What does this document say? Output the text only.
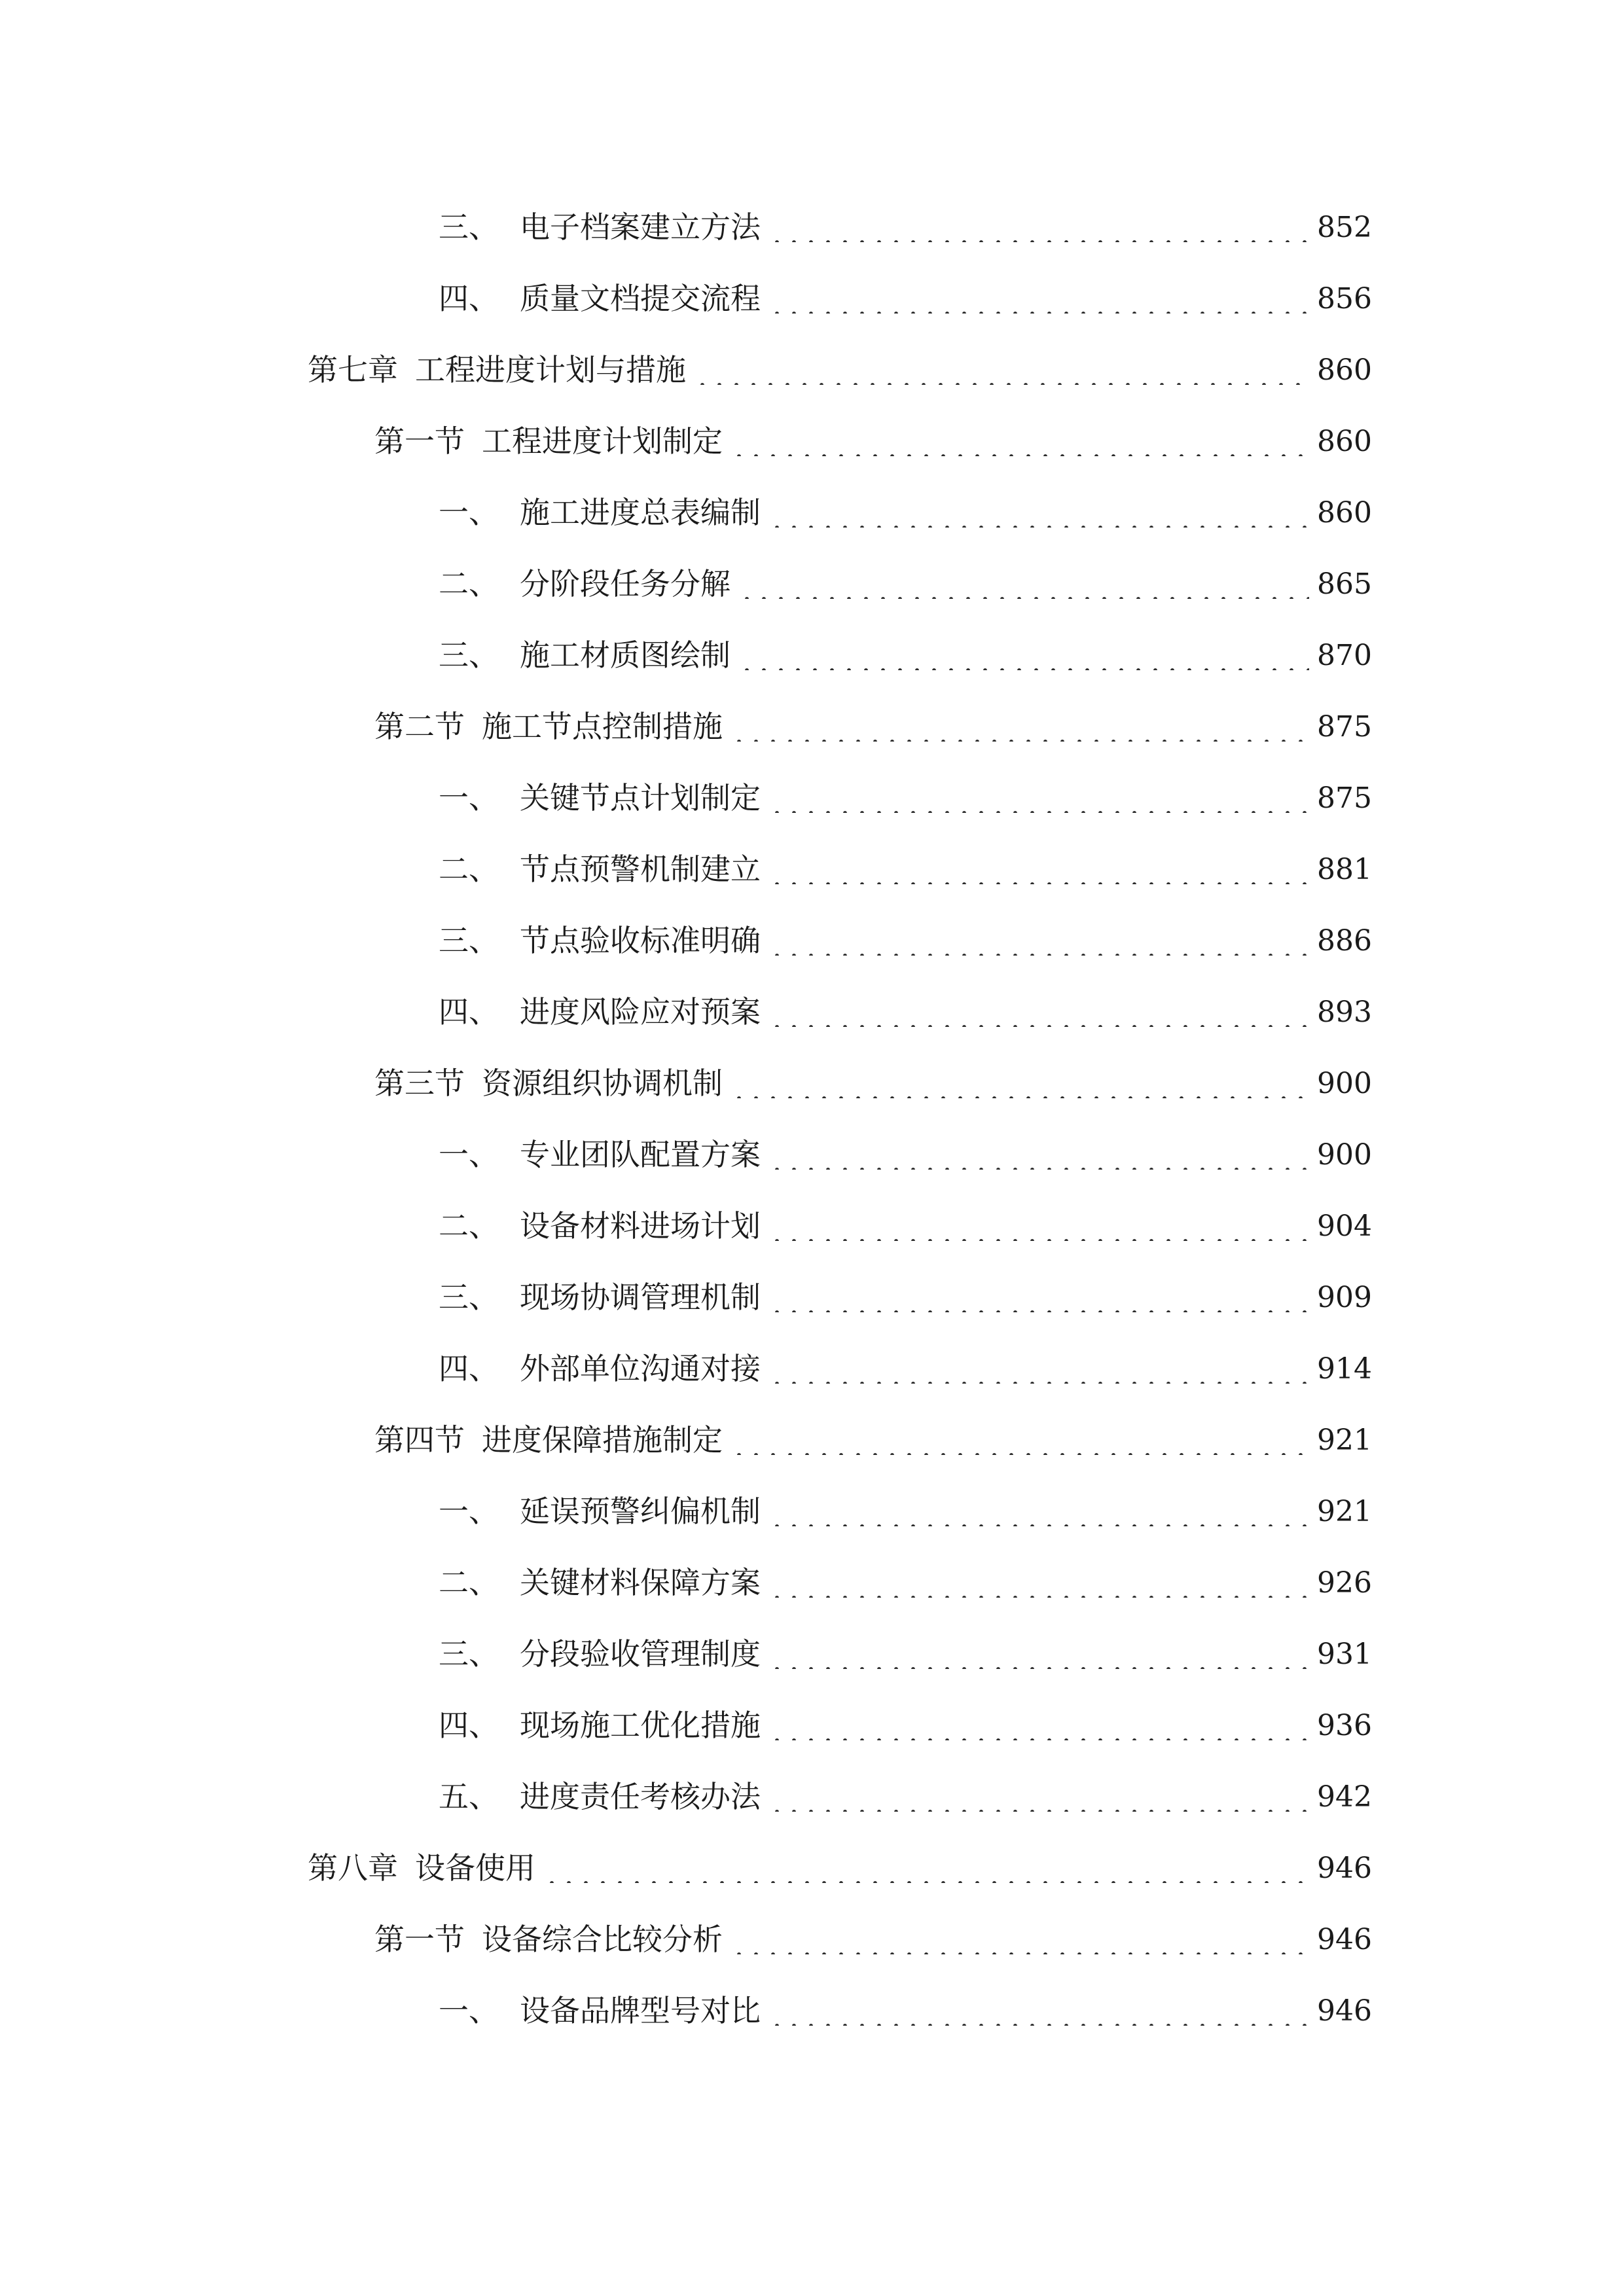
三、 电子档案建立方法	852
四、 质量文档提交流程	856
第七章 工程进度计划与措施	860
第一节 工程进度计划制定	860
一、 施工进度总表编制	860
二、 分阶段任务分解	865
三、 施工材质图绘制	870
第二节 施工节点控制措施	875
一、 关键节点计划制定	875
二、 节点预警机制建立	881
三、 节点验收标准明确	886
四、 进度风险应对预案	893
第三节 资源组织协调机制	900
一、 专业团队配置方案	900
二、 设备材料进场计划	904
三、 现场协调管理机制	909
四、 外部单位沟通对接	914
第四节 进度保障措施制定	921
一、 延误预警纠偏机制	921
二、 关键材料保障方案	926
三、 分段验收管理制度	931
四、 现场施工优化措施	936
五、 进度责任考核办法	942
第八章 设备使用	946
第一节 设备综合比较分析	946
一、 设备品牌型号对比	946
